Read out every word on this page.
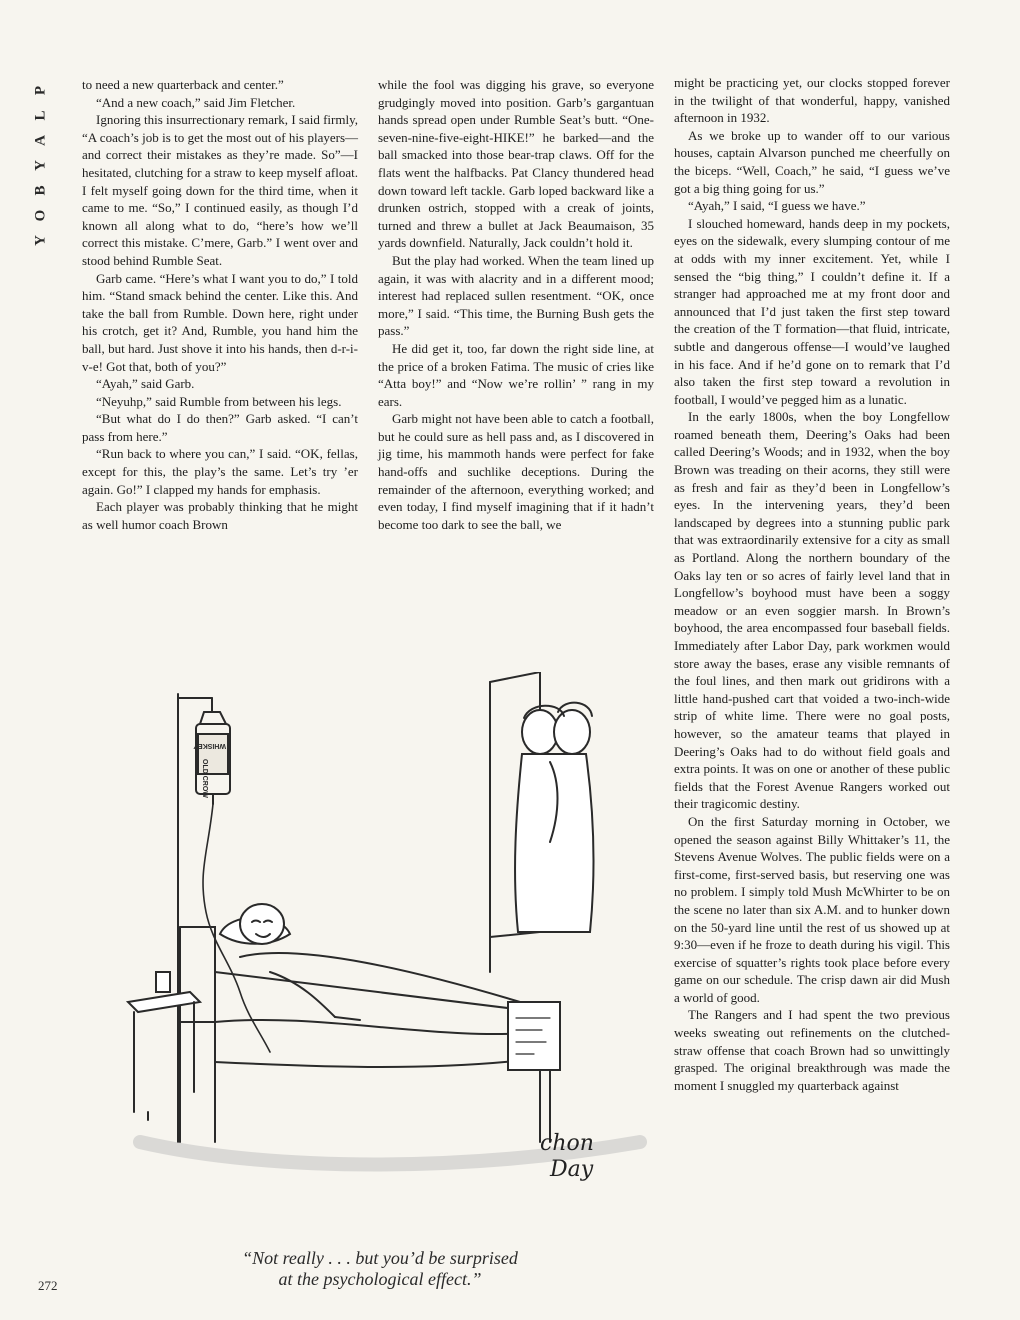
P
L
A
Y
B
O
Y

to need a new quarterback and center.”

“And a new coach,” said Jim Fletcher.

Ignoring this insurrectionary remark, I said firmly, “A coach’s job is to get the most out of his players—and correct their mistakes as they’re made. So”—I hesitated, clutching for a straw to keep myself afloat. I felt myself going down for the third time, when it came to me. “So,” I continued easily, as though I’d known all along what to do, “here’s how we’ll correct this mistake. C’mere, Garb.” I went over and stood behind Rumble Seat.

Garb came. “Here’s what I want you to do,” I told him. “Stand smack behind the center. Like this. And take the ball from Rumble. Down here, right under his crotch, get it? And, Rumble, you hand him the ball, but hard. Just shove it into his hands, then d-r-i-v-e! Got that, both of you?”

“Ayah,” said Garb.

“Neyuhp,” said Rumble from between his legs.

“But what do I do then?” Garb asked. “I can’t pass from here.”

“Run back to where you can,” I said. “OK, fellas, except for this, the play’s the same. Let’s try ’er again. Go!” I clapped my hands for emphasis.

Each player was probably thinking that he might as well humor coach Brown

while the fool was digging his grave, so everyone grudgingly moved into position. Garb’s gargantuan hands spread open under Rumble Seat’s butt. “One-seven-nine-five-eight-HIKE!” he barked—and the ball smacked into those bear-trap claws. Off for the flats went the halfbacks. Pat Clancy thundered head down toward left tackle. Garb loped backward like a drunken ostrich, stopped with a creak of joints, turned and threw a bullet at Jack Beaumaison, 35 yards downfield. Naturally, Jack couldn’t hold it.

But the play had worked. When the team lined up again, it was with alacrity and in a different mood; interest had replaced sullen resentment. “OK, once more,” I said. “This time, the Burning Bush gets the pass.”

He did get it, too, far down the right side line, at the price of a broken Fatima. The music of cries like “Atta boy!” and “Now we’re rollin’ ” rang in my ears.

Garb might not have been able to catch a football, but he could sure as hell pass and, as I discovered in jig time, his mammoth hands were perfect for fake hand-offs and suchlike deceptions. During the remainder of the afternoon, everything worked; and even today, I find myself imagining that if it hadn’t become too dark to see the ball, we

might be practicing yet, our clocks stopped forever in the twilight of that wonderful, happy, vanished afternoon in 1932.

As we broke up to wander off to our various houses, captain Alvarson punched me cheerfully on the biceps. “Well, Coach,” he said, “I guess we’ve got a big thing going for us.”

“Ayah,” I said, “I guess we have.”

I slouched homeward, hands deep in my pockets, eyes on the sidewalk, every slumping contour of me at odds with my inner excitement. Yet, while I sensed the “big thing,” I couldn’t define it. If a stranger had approached me at my front door and announced that I’d just taken the first step toward the creation of the T formation—that fluid, intricate, subtle and dangerous offense—I would’ve laughed in his face. And if he’d gone on to remark that I’d also taken the first step toward a revolution in football, I would’ve pegged him as a lunatic.

In the early 1800s, when the boy Longfellow roamed beneath them, Deering’s Oaks had been called Deering’s Woods; and in 1932, when the boy Brown was treading on their acorns, they still were as fresh and fair as they’d been in Longfellow’s eyes. In the intervening years, they’d been landscaped by degrees into a stunning public park that was extraordinarily extensive for a city as small as Portland. Along the northern boundary of the Oaks lay ten or so acres of fairly level land that in Longfellow’s boyhood must have been a soggy meadow or an even soggier marsh. In Brown’s boyhood, the area encompassed four baseball fields. Immediately after Labor Day, park workmen would store away the bases, erase any visible remnants of the foul lines, and then mark out gridirons with a little hand-pushed cart that voided a two-inch-wide strip of white lime. There were no goal posts, however, so the amateur teams that played in Deering’s Oaks had to do without field goals and extra points. It was on one or another of these public fields that the Forest Avenue Rangers worked out their tragicomic destiny.

On the first Saturday morning in October, we opened the season against Billy Whittaker’s 11, the Stevens Avenue Wolves. The public fields were on a first-come, first-served basis, but reserving one was no problem. I simply told Mush McWhirter to be on the scene no later than six A.M. and to hunker down on the 50-yard line until the rest of us showed up at 9:30—even if he froze to death during his vigil. This exercise of squatter’s rights took place before every game on our schedule. The crisp dawn air did Mush a world of good.

The Rangers and I had spent the two previous weeks sweating out refinements on the clutched-straw offense that coach Brown had so unwittingly grasped. The original breakthrough was made the moment I snuggled my quarterback against

WHISKEY
OLD CROW
chon
Day
“Not really . . . but you’d be surprised
at the psychological effect.”
272
